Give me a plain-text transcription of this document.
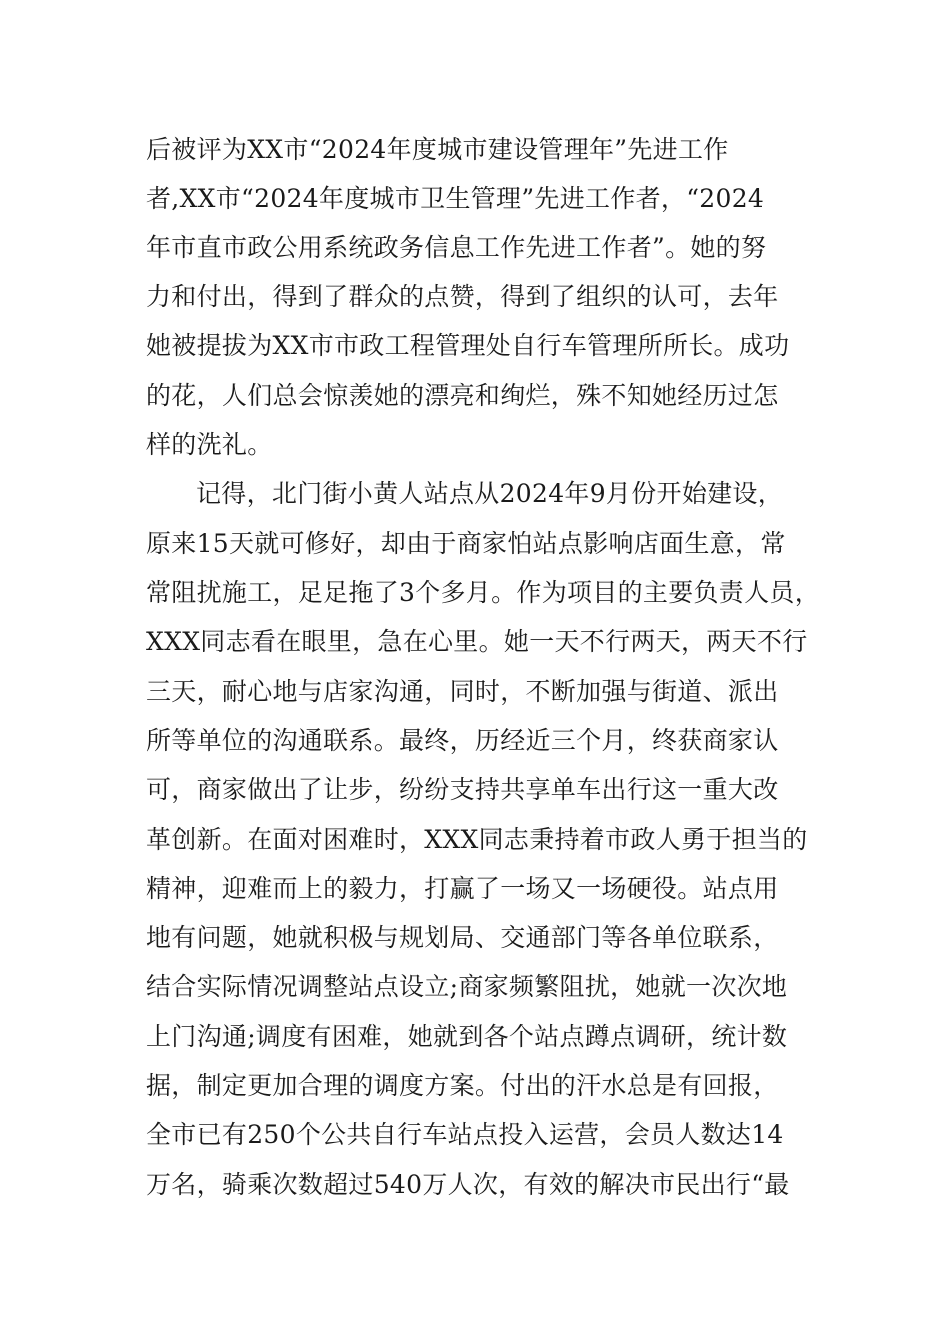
后被评为XX市“2024年度城市建设管理年”先进工作
者,XX市“2024年度城市卫生管理”先进工作者，“2024
年市直市政公用系统政务信息工作先进工作者”。她的努
力和付出，得到了群众的点赞，得到了组织的认可，去年
她被提拔为XX市市政工程管理处自行车管理所所长。成功
的花，人们总会惊羡她的漂亮和绚烂，殊不知她经历过怎
样的洗礼。
记得，北门街小黄人站点从2024年9月份开始建设，
原来15天就可修好，却由于商家怕站点影响店面生意，常
常阻扰施工，足足拖了3个多月。作为项目的主要负责人员，
XXX同志看在眼里，急在心里。她一天不行两天，两天不行
三天，耐心地与店家沟通，同时，不断加强与街道、派出
所等单位的沟通联系。最终，历经近三个月，终获商家认
可，商家做出了让步，纷纷支持共享单车出行这一重大改
革创新。在面对困难时，XXX同志秉持着市政人勇于担当的
精神，迎难而上的毅力，打赢了一场又一场硬役。站点用
地有问题，她就积极与规划局、交通部门等各单位联系，
结合实际情况调整站点设立;商家频繁阻扰，她就一次次地
上门沟通;调度有困难，她就到各个站点蹲点调研，统计数
据，制定更加合理的调度方案。付出的汗水总是有回报，
全市已有250个公共自行车站点投入运营，会员人数达14
万名，骑乘次数超过540万人次，有效的解决市民出行“最
